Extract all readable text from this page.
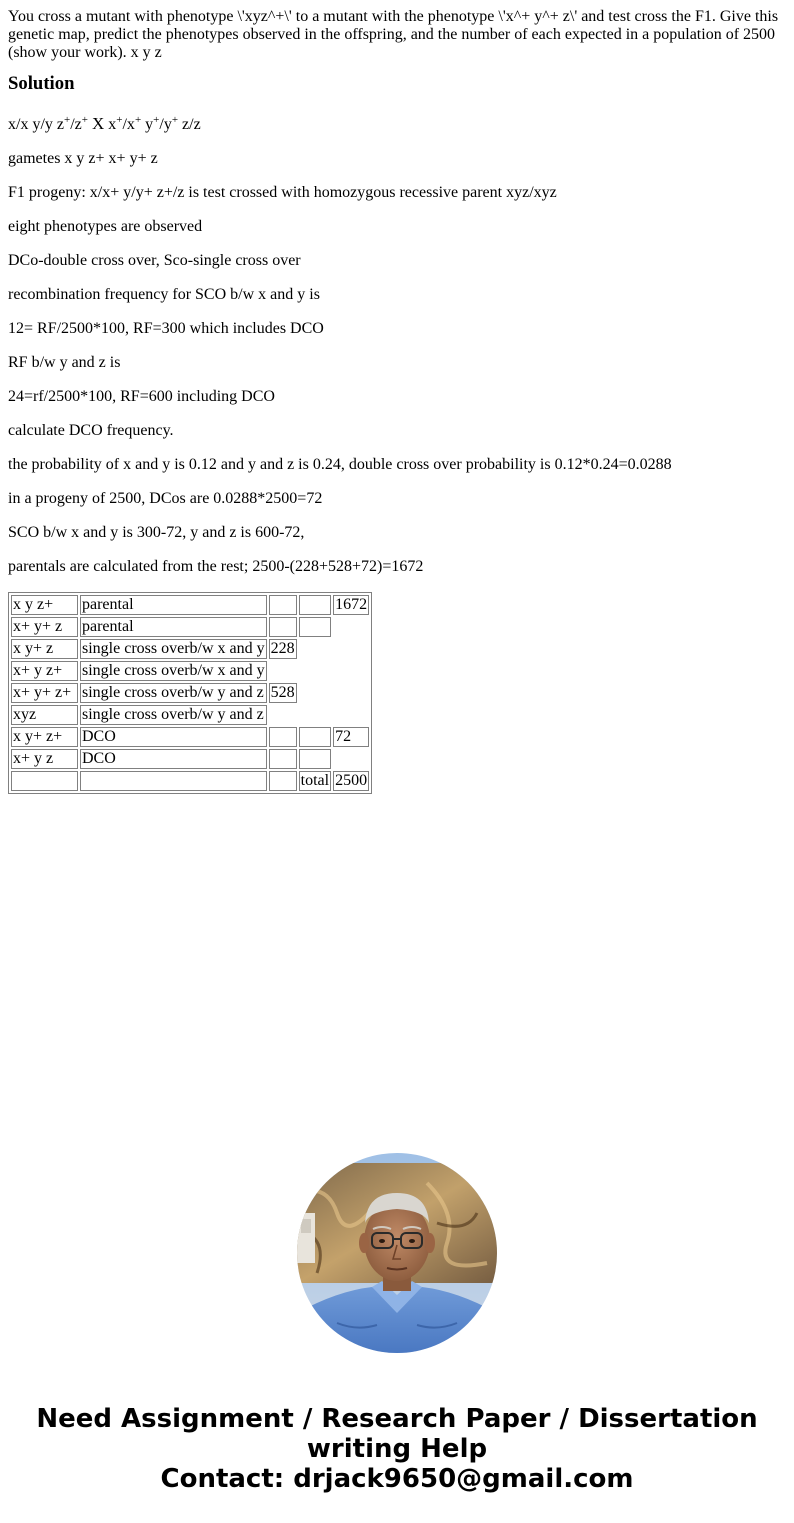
You cross a mutant with phenotype \'xyz^+\' to a mutant with the phenotype \'x^+ y^+ z\' and test cross the F1. Give this genetic map, predict the phenotypes observed in the offspring, and the number of each expected in a population of 2500 (show your work). x y z
Solution

x/x y/y z+/z+ X x+/x+ y+/y+ z/z

gametes x y z+ x+ y+ z

F1 progeny: x/x+ y/y+ z+/z is test crossed with homozygous recessive parent xyz/xyz

eight phenotypes are observed

DCo-double cross over, Sco-single cross over

recombination frequency for SCO b/w x and y is

12= RF/2500*100, RF=300 which includes DCO

RF b/w y and z is

24=rf/2500*100, RF=600 including DCO

calculate DCO frequency.

the probability of x and y is 0.12 and y and z is 0.24, double cross over probability is 0.12*0.24=0.0288

in a progeny of 2500, DCos are 0.0288*2500=72

SCO b/w x and y is 300-72, y and z is 600-72,

parentals are calculated from the rest; 2500-(228+528+72)=1672

x y z+	parental			1672
x+ y+ z	parental			
x y+ z	single cross overb/w x and y	228		
x+ y z+	single cross overb/w x and y			
x+ y+ z+	single cross overb/w y and z	528		
xyz	single cross overb/w y and z			
x y+ z+	DCO			72
x+ y z	DCO			
			total	2500
Need Assignment / Research Paper / Dissertation
writing Help
Contact: drjack9650@gmail.com
